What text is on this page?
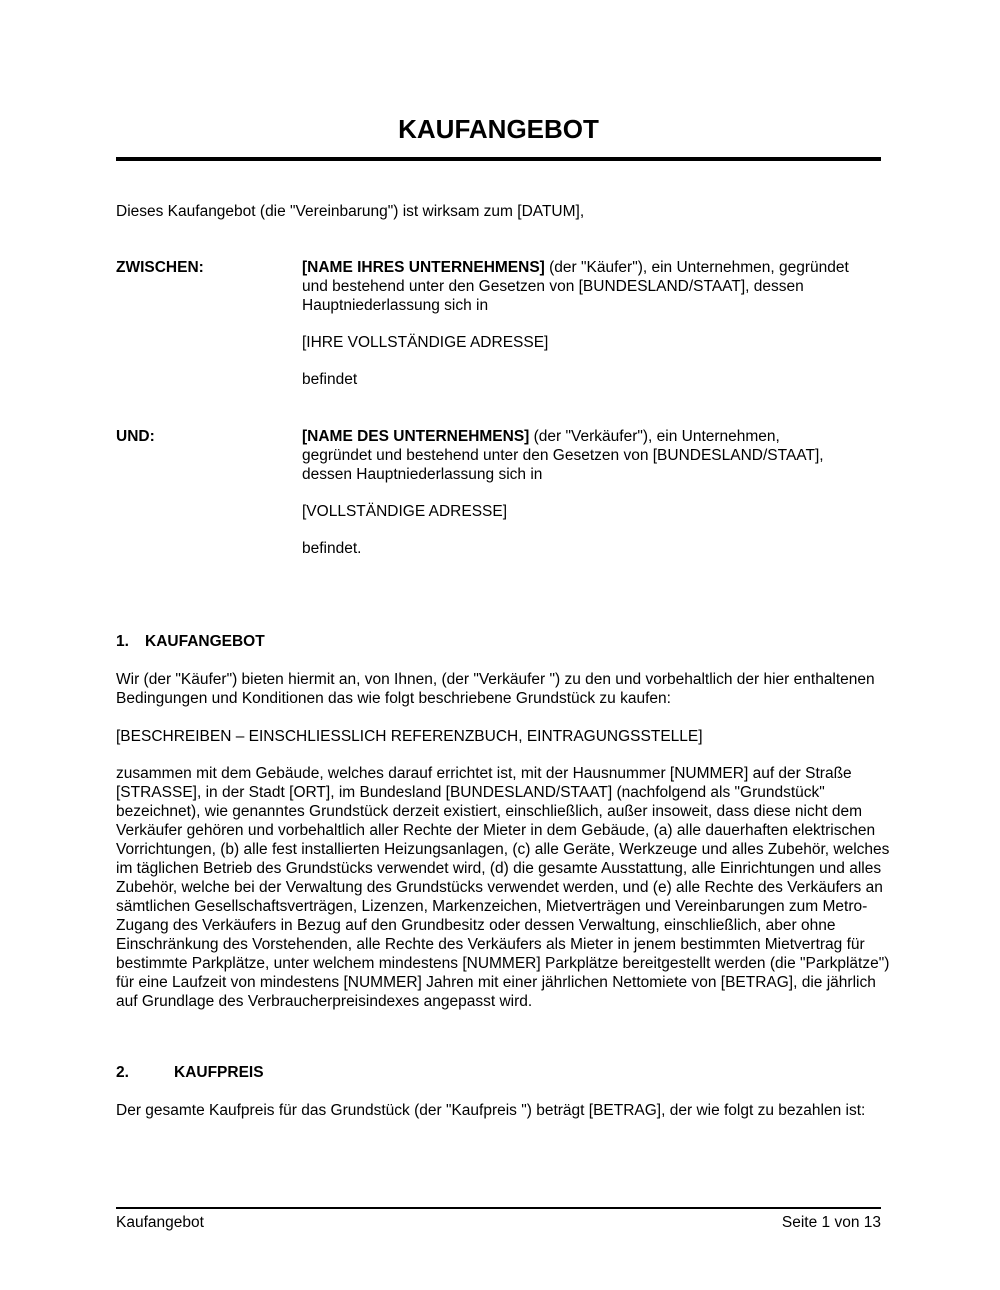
KAUFANGEBOT
Dieses Kaufangebot (die "Vereinbarung") ist wirksam zum [DATUM],
ZWISCHEN:	[NAME IHRES UNTERNEHMENS] (der "Käufer"), ein Unternehmen, gegründet
und bestehend unter den Gesetzen von [BUNDESLAND/STAAT], dessen
Hauptniederlassung sich in
[IHRE VOLLSTÄNDIGE ADRESSE]
befindet
UND:	[NAME DES UNTERNEHMENS] (der "Verkäufer"), ein Unternehmen,
gegründet und bestehend unter den Gesetzen von [BUNDESLAND/STAAT],
dessen Hauptniederlassung sich in
[VOLLSTÄNDIGE ADRESSE]
befindet.
1. KAUFANGEBOT
Wir (der "Käufer") bieten hiermit an, von Ihnen, (der "Verkäufer ") zu den und vorbehaltlich der hier enthaltenen Bedingungen und Konditionen das wie folgt beschriebene Grundstück zu kaufen:
[BESCHREIBEN – EINSCHLIESSLICH REFERENZBUCH, EINTRAGUNGSSTELLE]
zusammen mit dem Gebäude, welches darauf errichtet ist, mit der Hausnummer [NUMMER] auf der Straße [STRASSE], in der Stadt [ORT], im Bundesland [BUNDESLAND/STAAT] (nachfolgend als "Grundstück" bezeichnet), wie genanntes Grundstück derzeit existiert, einschließlich, außer insoweit, dass diese nicht dem Verkäufer gehören und vorbehaltlich aller Rechte der Mieter in dem Gebäude, (a) alle dauerhaften elektrischen Vorrichtungen, (b) alle fest installierten Heizungsanlagen, (c) alle Geräte, Werkzeuge und alles Zubehör, welches im täglichen Betrieb des Grundstücks verwendet wird, (d) die gesamte Ausstattung, alle Einrichtungen und alles Zubehör, welche bei der Verwaltung des Grundstücks verwendet werden, und (e) alle Rechte des Verkäufers an sämtlichen Gesellschaftsverträgen, Lizenzen, Markenzeichen, Mietverträgen und Vereinbarungen zum Metro-Zugang des Verkäufers in Bezug auf den Grundbesitz oder dessen Verwaltung, einschließlich, aber ohne Einschränkung des Vorstehenden, alle Rechte des Verkäufers als Mieter in jenem bestimmten Mietvertrag für bestimmte Parkplätze, unter welchem mindestens [NUMMER] Parkplätze bereitgestellt werden (die "Parkplätze") für eine Laufzeit von mindestens [NUMMER] Jahren mit einer jährlichen Nettomiete von [BETRAG], die jährlich auf Grundlage des Verbraucherpreisindexes angepasst wird.
2.	KAUFPREIS
Der gesamte Kaufpreis für das Grundstück (der "Kaufpreis ") beträgt [BETRAG], der wie folgt zu bezahlen ist:
Kaufangebot	Seite 1 von 13
